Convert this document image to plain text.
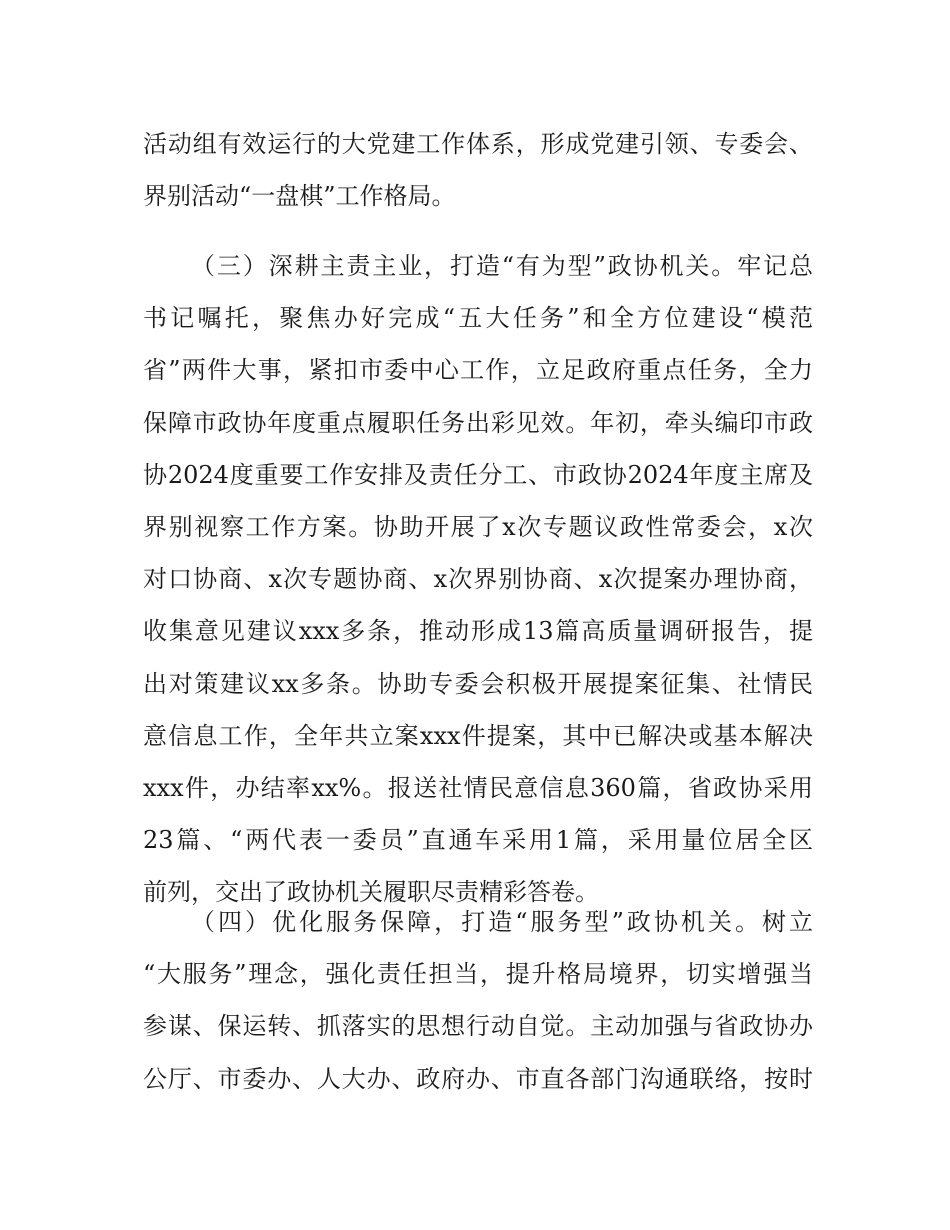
活动组有效运行的大党建工作体系，形成党建引领、专委会、
界别活动“一盘棋”工作格局。
（三）深耕主责主业，打造“有为型”政协机关。牢记总
书记嘱托，聚焦办好完成“五大任务”和全方位建设“模范
省”两件大事，紧扣市委中心工作，立足政府重点任务，全力
保障市政协年度重点履职任务出彩见效。年初，牵头编印市政
协2024度重要工作安排及责任分工、市政协2024年度主席及
界别视察工作方案。协助开展了x次专题议政性常委会，x次
对口协商、x次专题协商、x次界别协商、x次提案办理协商，
收集意见建议xxx多条，推动形成13篇高质量调研报告，提
出对策建议xx多条。协助专委会积极开展提案征集、社情民
意信息工作，全年共立案xxx件提案，其中已解决或基本解决
xxx件，办结率xx%。报送社情民意信息360篇，省政协采用
23篇、“两代表一委员”直通车采用1篇，采用量位居全区
前列，交出了政协机关履职尽责精彩答卷。
（四）优化服务保障，打造“服务型”政协机关。树立
“大服务”理念，强化责任担当，提升格局境界，切实增强当
参谋、保运转、抓落实的思想行动自觉。主动加强与省政协办
公厅、市委办、人大办、政府办、市直各部门沟通联络，按时
